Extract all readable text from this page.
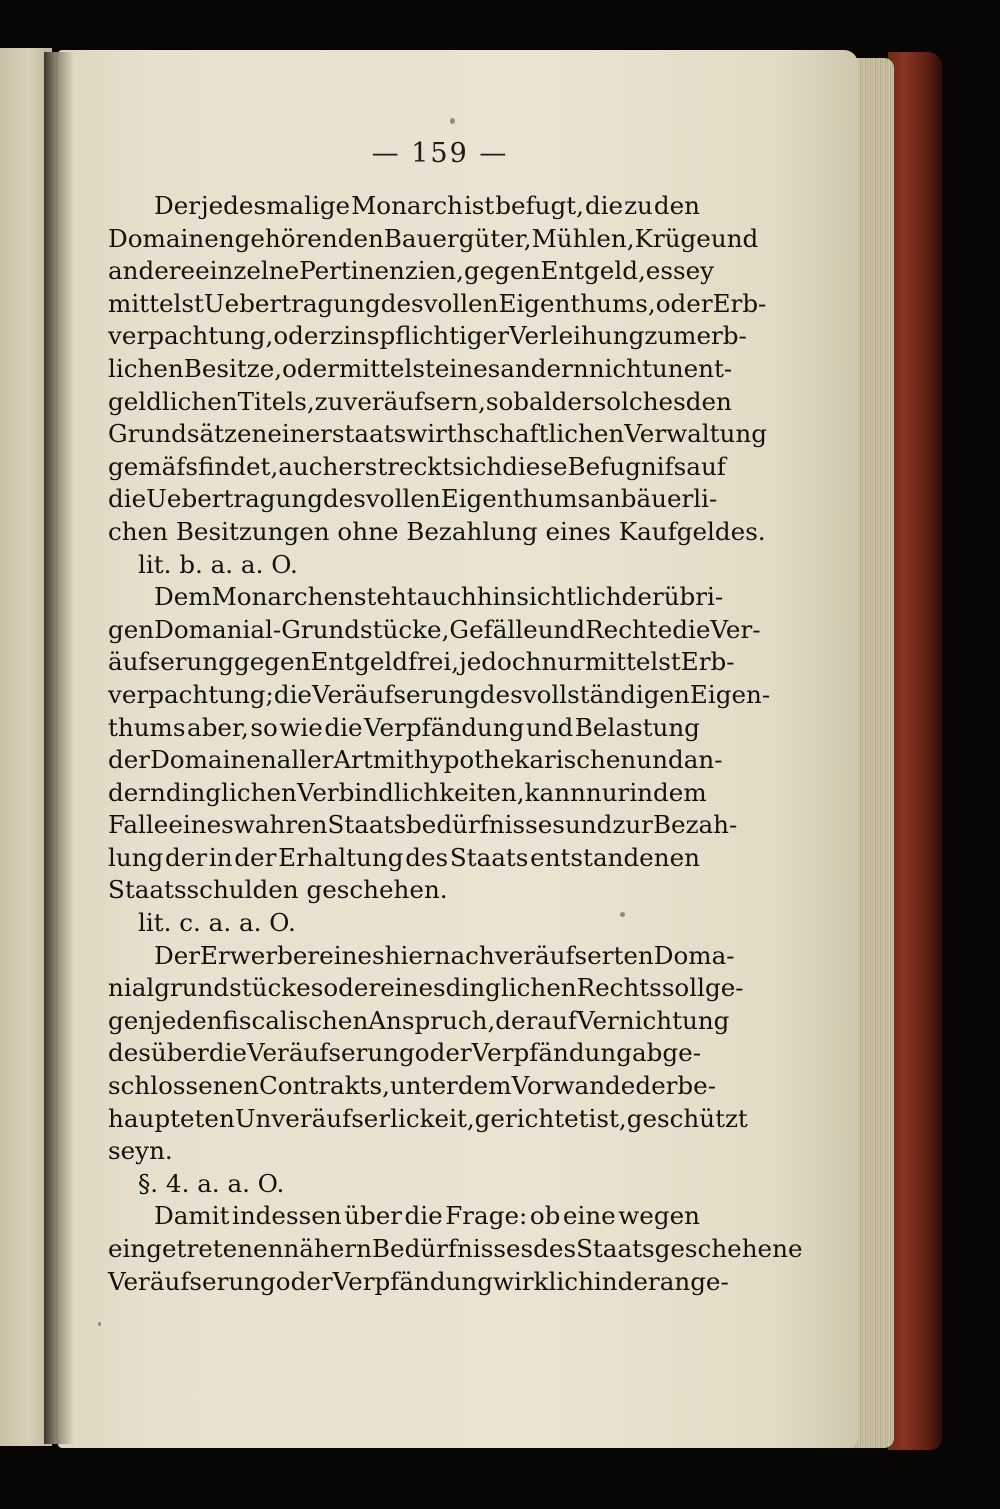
— 159 —
Der jedesmalige Monarch ist befugt, die zu den
Domainen gehörenden Bauergüter, Mühlen, Krüge und
andere einzelne Pertinenzien, gegen Entgeld, es sey
mittelst Uebertragung des vollen Eigenthums, oder Erb-
verpachtung, oder zinspflichtiger Verleihung zum erb-
lichen Besitze, oder mittelst eines andern nicht unent-
geldlichen Titels, zu veräufsern, sobald er solches den
Grundsätzen einer staatswirthschaftlichen Verwaltung
gemäfs findet, auch erstreckt sich diese Befugnifs auf
die Uebertragung des vollen Eigenthums an bäuerli-
chen Besitzungen ohne Bezahlung eines Kaufgeldes.
lit. b. a. a. O.
Dem Monarchen steht auch hinsichtlich der übri-
gen Domanial-Grundstücke, Gefälle und Rechte die Ver-
äufserung gegen Entgeld frei, jedoch nur mittelst Erb-
verpachtung; die Veräufserung des vollständigen Eigen-
thums aber, so wie die Verpfändung und Belastung
der Domainen aller Art mit hypothekarischen und an-
dern dinglichen Verbindlichkeiten, kann nur in dem
Falle eines wahren Staatsbedürfnisses und zur Bezah-
lung der in der Erhaltung des Staats entstandenen
Staatsschulden geschehen.
lit. c. a. a. O.
Der Erwerber eines hiernach veräufserten Doma-
nialgrundstückes oder eines dinglichen Rechts soll ge-
gen jeden fiscalischen Anspruch, der auf Vernichtung
des über die Veräufserung oder Verpfändung abge-
schlossenen Contrakts, unter dem Vorwande der be-
haupteten Unveräufserlickeit, gerichtet ist, geschützt
seyn.
§. 4. a. a. O.
Damit indessen über die Frage: ob eine wegen
eingetretenen nähern Bedürfnisses des Staats geschehene
Veräufserung oder Verpfändung wirklich in der ange-
